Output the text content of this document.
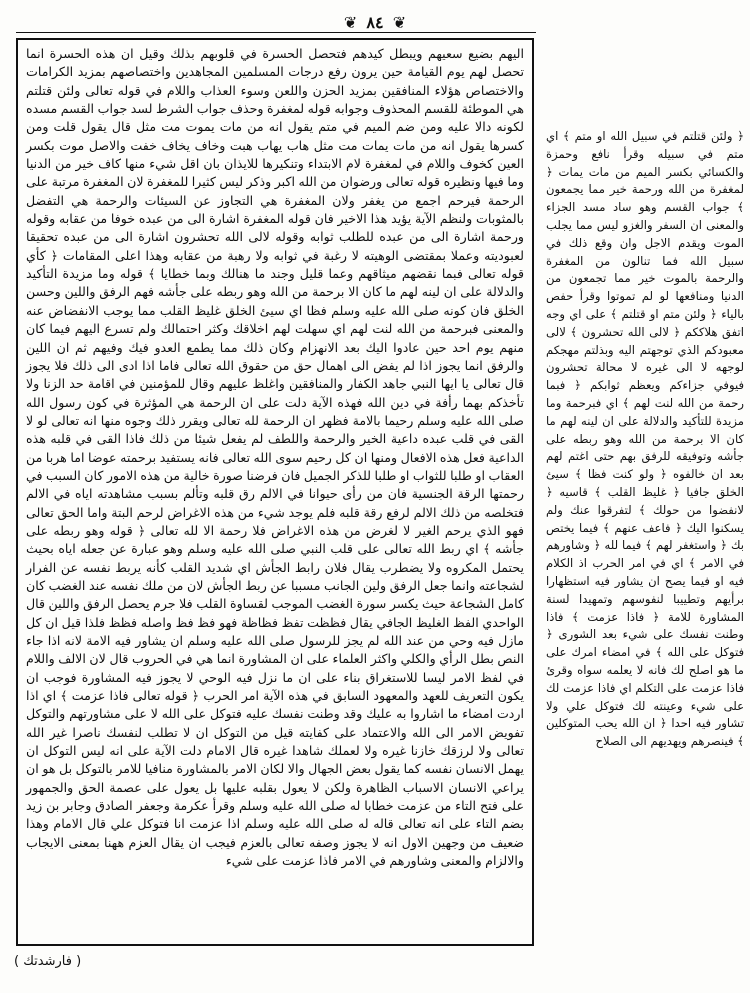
❦ ٨٤ ❦

اليهم بضيع سعيهم ويبطل كيدهم فتحصل الحسرة في قلوبهم بذلك وقيل ان هذه الحسرة انما تحصل لهم يوم القيامة حين يرون رفع درجات المسلمين المجاهدين واختصاصهم بمزيد الكرامات والاختصاص هؤلاء المنافقين بمزيد الحزن واللعن وسوء العذاب واللام في قوله تعالى ولئن قتلتم هي الموطئة للقسم المحذوف وجوابه قوله لمغفرة وحذف جواب الشرط لسد جواب القسم مسده لكونه دالا عليه ومن ضم الميم في متم يقول انه من مات يموت مت مثل قال يقول قلت ومن كسرها يقول انه من مات يمات مت مثل هاب يهاب هبت وخاف يخاف خفت والاصل موت بكسر العين كخوف واللام في لمغفرة لام الابتداء وتنكيرها للايذان بان اقل شيء منها كاف خير من الدنيا وما فيها ونظيره قوله تعالى ورضوان من الله اكبر وذكر ليس كثيرا للمغفرة لان المغفرة مرتبة على الرحمة فيرحم اجمع من يغفر ولان المغفرة هي التجاوز عن السيئات والرحمة هي التفضل بالمثوبات ولنظم الآية يؤيد هذا الاخير فان قوله المغفرة اشارة الى من عبده خوفا من عقابه وقوله ورحمة اشارة الى من عبده للطلب ثوابه وقوله لالى الله تحشرون اشارة الى من عبده تحقيقا لعبوديته وعملا بمقتضى الوهيته لا رغبة في ثوابه ولا رهبة من عقابه وهذا اعلى المقامات ﴿ كأي قوله تعالى فبما نقضهم ميثاقهم وعما قليل وجند ما هنالك وبما خطايا ﴾ قوله وما مزيدة التأكيد والدلالة على ان لينه لهم ما كان الا برحمة من الله وهو ربطه على جأشه فهم الرفق واللين وحسن الخلق فان كونه صلى الله عليه وسلم فظا اي سيئ الخلق غليظ القلب مما يوجب الانفضاض عنه والمعنى فبرحمة من الله لنت لهم اي سهلت لهم اخلاقك وكثر احتمالك ولم تسرع اليهم فيما كان منهم يوم احد حين عادوا اليك بعد الانهزام وكان ذلك مما يطمع العدو فيك وفيهم ثم ان اللين والرفق انما يجوز اذا لم يفض الى اهمال حق من حقوق الله تعالى فاما اذا ادى الى ذلك فلا يجوز قال تعالى يا ايها النبي جاهد الكفار والمنافقين واغلظ عليهم وقال للمؤمنين في اقامة حد الزنا ولا تأخذكم بهما رأفة في دين الله فهذه الآية دلت على ان الرحمة هي المؤثرة في كون رسول الله صلى الله عليه وسلم رحيما بالامة فظهر ان الرحمة لله تعالى ويقرر ذلك وجوه منها انه تعالى لو لا القى في قلب عبده داعية الخير والرحمة واللطف لم يفعل شيئا من ذلك فاذا القى في قلبه هذه الداعية فعل هذه الافعال ومنها ان كل رحيم سوى الله تعالى فانه يستفيد برحمته عوضا اما هربا من العقاب او طلبا للثواب او طلبا للذكر الجميل فان فرضنا صورة خالية من هذه الامور كان السبب في رحمتها الرقة الجنسية فان من رأى حيوانا في الالم رق قلبه وتألم بسبب مشاهدته اياه في الالم فتخلصه من ذلك الالم لرفع رقة قلبه فلم يوجد شيء من هذه الاغراض لرحم البتة واما الحق تعالى فهو الذي يرحم الغير لا لغرض من هذه الاغراض فلا رحمة الا لله تعالى ﴿ قوله وهو ربطه على جأشه ﴾ اي ربط الله تعالى على قلب النبي صلى الله عليه وسلم وهو عبارة عن جعله اياه بحيث يحتمل المكروه ولا يضطرب يقال فلان رابط الجأش اي شديد القلب كأنه يربط نفسه عن الفرار لشجاعته وانما جعل الرفق ولين الجانب مسببا عن ربط الجأش لان من ملك نفسه عند الغضب كان كامل الشجاعة حيث يكسر سورة الغضب الموجب لقساوة القلب فلا جرم يحصل الرفق واللين قال الواحدي الفظ الغليظ الجافي يقال فظظت تفظ فظاظة فهو فظ فظ واصله فظظ فلذا قيل ان كل مازل فيه وحي من عند الله لم يجز للرسول صلى الله عليه وسلم ان يشاور فيه الامة لانه اذا جاء النص بطل الرأي والكلي واكثر العلماء على ان المشاورة انما هي في الحروب قال لان الالف واللام في لفظ الامر ليسا للاستغراق بناء على ان ما نزل فيه الوحي لا يجوز فيه المشاورة فوجب ان يكون التعريف للعهد والمعهود السابق في هذه الآية امر الحرب ﴿ قوله تعالى فاذا عزمت ﴾ اي اذا اردت امضاء ما اشاروا به عليك وقد وطنت نفسك عليه فتوكل على الله لا على مشاورتهم والتوكل تفويض الامر الى الله والاعتماد على كفايته قيل من التوكل ان لا تطلب لنفسك ناصرا غير الله تعالى ولا لرزقك خازنا غيره ولا لعملك شاهدا غيره قال الامام دلت الآية على انه ليس التوكل ان يهمل الانسان نفسه كما يقول بعض الجهال والا لكان الامر بالمشاورة منافيا للامر بالتوكل بل هو ان يراعي الانسان الاسباب الظاهرة ولكن لا يعول بقلبه عليها بل يعول على عصمة الحق والجمهور على فتح التاء من عزمت خطابا له صلى الله عليه وسلم وقرأ عكرمة وجعفر الصادق وجابر بن زيد بضم التاء على انه تعالى قاله له صلى الله عليه وسلم اذا عزمت انا فتوكل علي قال الامام وهذا ضعيف من وجهين الاول انه لا يجوز وصفه تعالى بالعزم فيجب ان يقال العزم ههنا بمعنى الايجاب والالزام والمعنى وشاورهم في الامر فاذا عزمت على شيء

﴿ ولئن قتلتم في سبيل الله او متم ﴾ اي متم في سبيله وقرأ نافع وحمزة والكسائي بكسر الميم من مات يمات ﴿ لمغفرة من الله ورحمة خير مما يجمعون ﴾ جواب القسم وهو ساد مسد الجزاء والمعنى ان السفر والغزو ليس مما يجلب الموت ويقدم الاجل وان وقع ذلك في سبيل الله فما تنالون من المغفرة والرحمة بالموت خير مما تجمعون من الدنيا ومنافعها لو لم تموتوا وقرأ حفص بالياء ﴿ ولئن متم او قتلتم ﴾ على اي وجه اتفق هلاككم ﴿ لالى الله تحشرون ﴾ لالى معبودكم الذي توجهتم اليه وبذلتم مهجكم لوجهه لا الى غيره لا محالة تحشرون فيوفي جزاءكم ويعظم ثوابكم ﴿ فبما رحمة من الله لنت لهم ﴾ اي فبرحمة وما مزيدة للتأكيد والدلالة على ان لينه لهم ما كان الا برحمة من الله وهو ربطه على جأشه وتوفيقه للرفق بهم حتى اغتم لهم بعد ان خالفوه ﴿ ولو كنت فظا ﴾ سيئ الخلق جافيا ﴿ غليظ القلب ﴾ قاسيه ﴿ لانفضوا من حولك ﴾ لتفرقوا عنك ولم يسكنوا اليك ﴿ فاعف عنهم ﴾ فيما يختص بك ﴿ واستغفر لهم ﴾ فيما لله ﴿ وشاورهم في الامر ﴾ اي في امر الحرب اذ الكلام فيه او فيما يصح ان يشاور فيه استظهارا برأيهم وتطييبا لنفوسهم وتمهيدا لسنة المشاورة للامة ﴿ فاذا عزمت ﴾ فاذا وطنت نفسك على شيء بعد الشورى ﴿ فتوكل على الله ﴾ في امضاء امرك على ما هو اصلح لك فانه لا يعلمه سواه وقرئ فاذا عزمت على التكلم اي فاذا عزمت لك على شيء وعينته لك فتوكل علي ولا تشاور فيه احدا ﴿ ان الله يحب المتوكلين ﴾ فينصرهم ويهديهم الى الصلاح

( فارشدتك )
